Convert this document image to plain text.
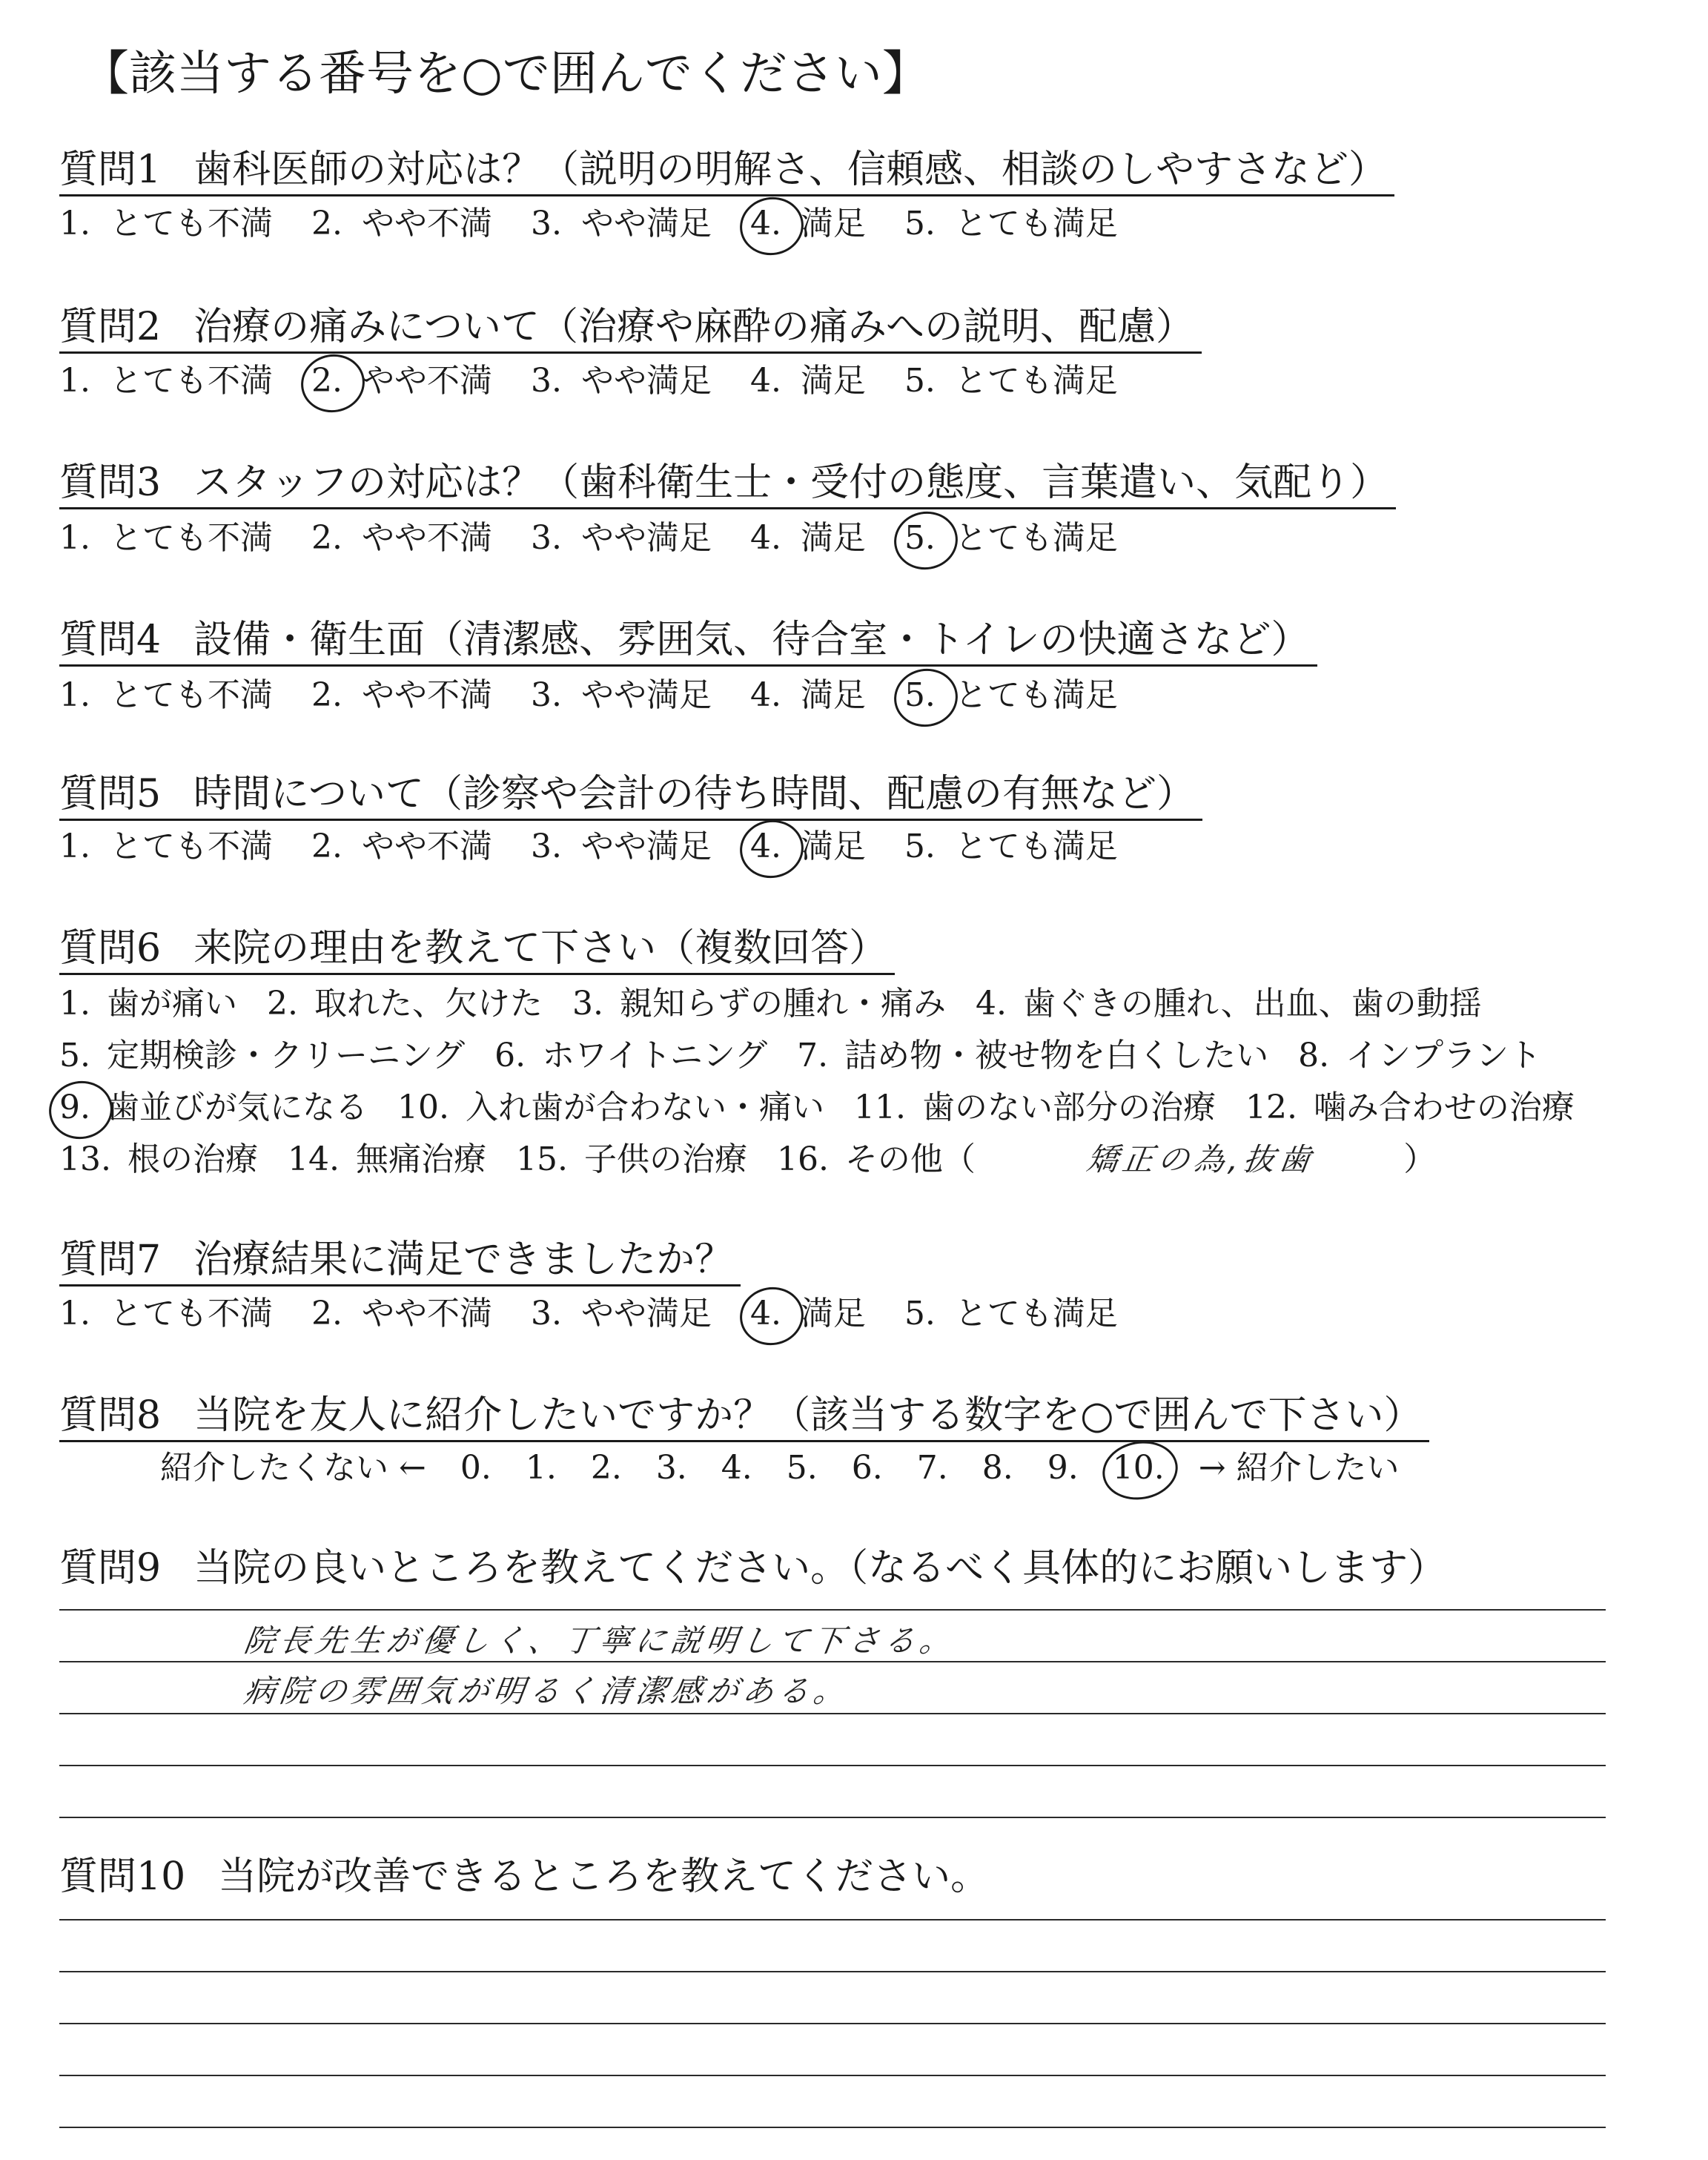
【該当する番号を○で囲んでください】
質問1 歯科医師の対応は？（説明の明解さ、信頼感、相談のしやすさなど）
1. とても不満 2. やや不満 3. やや満足 4. 満足 5. とても満足
質問2 治療の痛みについて（治療や麻酔の痛みへの説明、配慮）
1. とても不満 2. やや不満 3. やや満足 4. 満足 5. とても満足
質問3 スタッフの対応は？（歯科衛生士・受付の態度、言葉遣い、気配り）
1. とても不満 2. やや不満 3. やや満足 4. 満足 5. とても満足
質問4 設備・衛生面（清潔感、雰囲気、待合室・トイレの快適さなど）
1. とても不満 2. やや不満 3. やや満足 4. 満足 5. とても満足
質問5 時間について（診察や会計の待ち時間、配慮の有無など）
1. とても不満 2. やや不満 3. やや満足 4. 満足 5. とても満足
質問6 来院の理由を教えて下さい（複数回答）
1. 歯が痛い 2. 取れた、欠けた 3. 親知らずの腫れ・痛み 4. 歯ぐきの腫れ、出血、歯の動揺
5. 定期検診・クリーニング 6. ホワイトニング 7. 詰め物・被せ物を白くしたい 8. インプラント
9. 歯並びが気になる 10. 入れ歯が合わない・痛い 11. 歯のない部分の治療 12. 噛み合わせの治療
13. 根の治療 14. 無痛治療 15. 子供の治療 16. その他（	矯正の為,抜歯	）
質問7 治療結果に満足できましたか？
1. とても不満 2. やや不満 3. やや満足 4. 満足 5. とても満足
質問8 当院を友人に紹介したいですか？（該当する数字を○で囲んで下さい）
紹介したくない ← 0. 1. 2. 3. 4. 5. 6. 7. 8. 9. 10. → 紹介したい
質問9 当院の良いところを教えてください。（なるべく具体的にお願いします）
院長先生が優しく、丁寧に説明して下さる。
病院の雰囲気が明るく清潔感がある。
質問10 当院が改善できるところを教えてください。
